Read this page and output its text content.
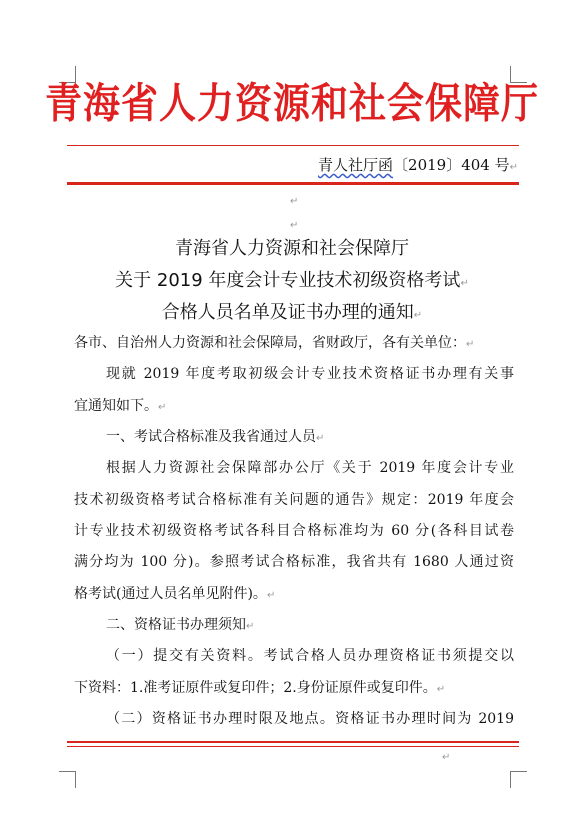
青海省人力资源和社会保障厅
青人社厅函〔2019〕404 号↵
↵
↵
青海省人力资源和社会保障厅
关于 2019 年度会计专业技术初级资格考试↵
合格人员名单及证书办理的通知↵
各市、自治州人力资源和社会保障局，省财政厅，各有关单位：↵
现就 2019 年度考取初级会计专业技术资格证书办理有关事
宜通知如下。↵
一、考试合格标准及我省通过人员↵
根据人力资源社会保障部办公厅《关于 2019 年度会计专业
技术初级资格考试合格标准有关问题的通告》规定：2019 年度会
计专业技术初级资格考试各科目合格标准均为 60 分(各科目试卷
满分均为 100 分)。参照考试合格标准，我省共有 1680 人通过资
格考试(通过人员名单见附件)。↵
二、资格证书办理须知↵
（一）提交有关资料。考试合格人员办理资格证书须提交以
下资料：1.准考证原件或复印件；2.身份证原件或复印件。↵
（二）资格证书办理时限及地点。资格证书办理时间为 2019
↵
